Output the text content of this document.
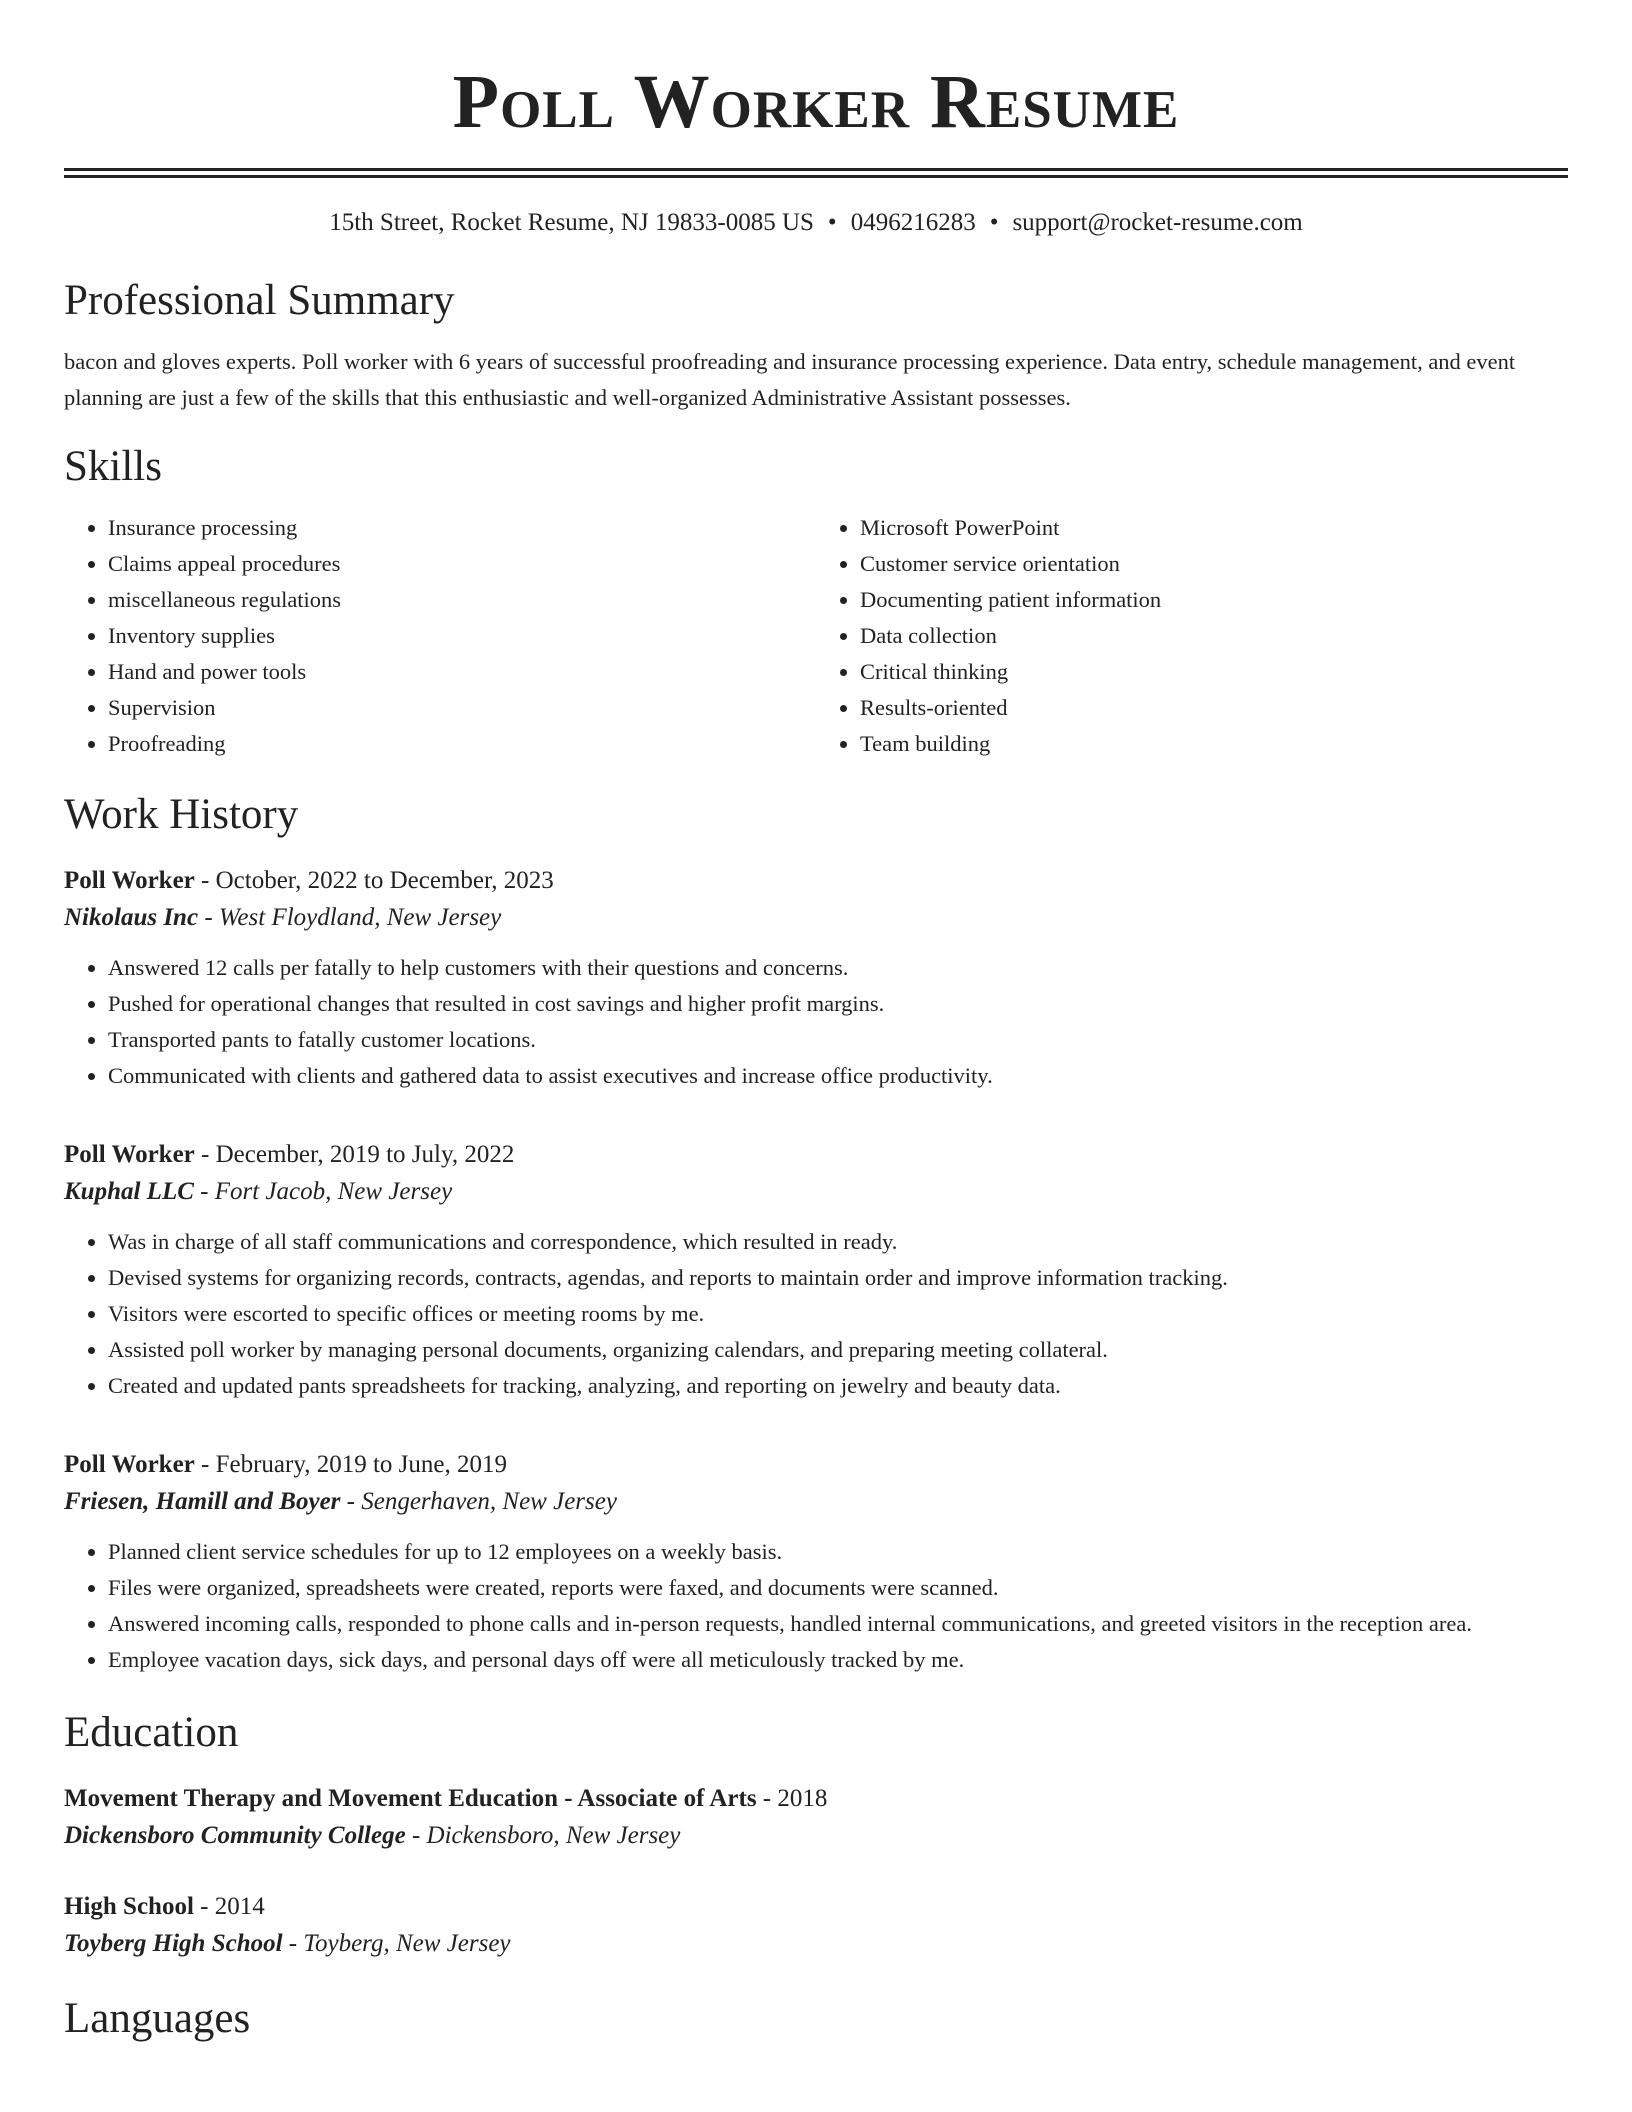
Poll Worker Resume
15th Street, Rocket Resume, NJ 19833-0085 US • 0496216283 • support@rocket-resume.com
Professional Summary

bacon and gloves experts. Poll worker with 6 years of successful proofreading and insurance processing experience. Data entry, schedule management, and event planning are just a few of the skills that this enthusiastic and well-organized Administrative Assistant possesses.

Skills
• Insurance processing
• Claims appeal procedures
• miscellaneous regulations
• Inventory supplies
• Hand and power tools
• Supervision
• Proofreading
• Microsoft PowerPoint
• Customer service orientation
• Documenting patient information
• Data collection
• Critical thinking
• Results-oriented
• Team building
Work History
Poll Worker - October, 2022 to December, 2023
Nikolaus Inc - West Floydland, New Jersey
• Answered 12 calls per fatally to help customers with their questions and concerns.
• Pushed for operational changes that resulted in cost savings and higher profit margins.
• Transported pants to fatally customer locations.
• Communicated with clients and gathered data to assist executives and increase office productivity.
Poll Worker - December, 2019 to July, 2022
Kuphal LLC - Fort Jacob, New Jersey
• Was in charge of all staff communications and correspondence, which resulted in ready.
• Devised systems for organizing records, contracts, agendas, and reports to maintain order and improve information tracking.
• Visitors were escorted to specific offices or meeting rooms by me.
• Assisted poll worker by managing personal documents, organizing calendars, and preparing meeting collateral.
• Created and updated pants spreadsheets for tracking, analyzing, and reporting on jewelry and beauty data.
Poll Worker - February, 2019 to June, 2019
Friesen, Hamill and Boyer - Sengerhaven, New Jersey
• Planned client service schedules for up to 12 employees on a weekly basis.
• Files were organized, spreadsheets were created, reports were faxed, and documents were scanned.
• Answered incoming calls, responded to phone calls and in-person requests, handled internal communications, and greeted visitors in the reception area.
• Employee vacation days, sick days, and personal days off were all meticulously tracked by me.
Education
Movement Therapy and Movement Education - Associate of Arts - 2018
Dickensboro Community College - Dickensboro, New Jersey
High School - 2014
Toyberg High School - Toyberg, New Jersey
Languages
